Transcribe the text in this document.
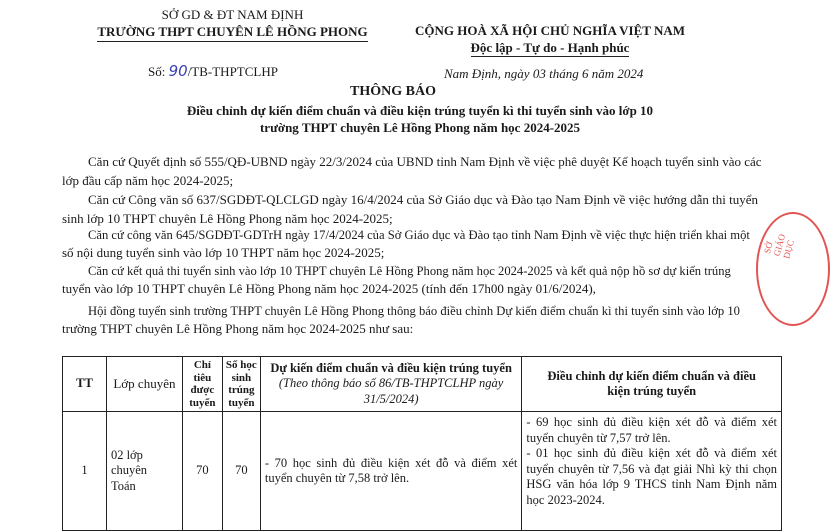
SỞ GD & ĐT NAM ĐỊNH
TRƯỜNG THPT CHUYÊN LÊ HỒNG PHONG
Số: 90/TB-THPTCLHP
CỘNG HOÀ XÃ HỘI CHỦ NGHĨA VIỆT NAM
Độc lập - Tự do - Hạnh phúc
Nam Định, ngày 03 tháng 6 năm 2024
THÔNG BÁO
Điều chỉnh dự kiến điểm chuẩn và điều kiện trúng tuyển kì thi tuyển sinh vào lớp 10
trường THPT chuyên Lê Hồng Phong năm học 2024-2025
Căn cứ Quyết định số 555/QĐ-UBND ngày 22/3/2024 của UBND tỉnh Nam Định về việc phê duyệt Kế hoạch tuyển sinh vào các
lớp đầu cấp năm học 2024-2025;
Căn cứ Công văn số 637/SGDĐT-QLCLGD ngày 16/4/2024 của Sở Giáo dục và Đào tạo Nam Định về việc hướng dẫn thi tuyển
sinh lớp 10 THPT chuyên Lê Hồng Phong năm học 2024-2025;
Căn cứ công văn 645/SGDĐT-GDTrH ngày 17/4/2024 của Sở Giáo dục và Đào tạo tỉnh Nam Định về việc thực hiện triển khai một
số nội dung tuyển sinh vào lớp 10 THPT năm học 2024-2025;
Căn cứ kết quả thi tuyển sinh vào lớp 10 THPT chuyên Lê Hồng Phong năm học 2024-2025 và kết quả nộp hồ sơ dự kiến trúng
tuyển vào lớp 10 THPT chuyên Lê Hồng Phong năm học 2024-2025 (tính đến 17h00 ngày 01/6/2024),
Hội đồng tuyển sinh trường THPT chuyên Lê Hồng Phong thông báo điều chỉnh Dự kiến điểm chuẩn kì thi tuyển sinh vào lớp 10
trường THPT chuyên Lê Hồng Phong năm học 2024-2025 như sau:
TT	Lớp chuyên	Chỉ tiêu được tuyển	Số học sinh trúng tuyển	Dự kiến điểm chuẩn và điều kiện trúng tuyển
(Theo thông báo số 86/TB-THPTCLHP ngày 31/5/2024)	Điều chỉnh dự kiến điểm chuẩn và điều kiện trúng tuyển
1	02 lớp chuyên Toán	70	70	- 70 học sinh đủ điều kiện xét đỗ và điểm xét tuyển chuyên từ 7,58 trở lên.	- 69 học sinh đủ điều kiện xét đỗ và điểm xét tuyển chuyên từ 7,57 trở lên.
- 01 học sinh đủ điều kiện xét đỗ và điểm xét tuyển chuyên từ 7,56 và đạt giải Nhì kỳ thi chọn HSG văn hóa lớp 9 THCS tỉnh Nam Định năm học 2023-2024.
SỞ GIÁO DỤC
